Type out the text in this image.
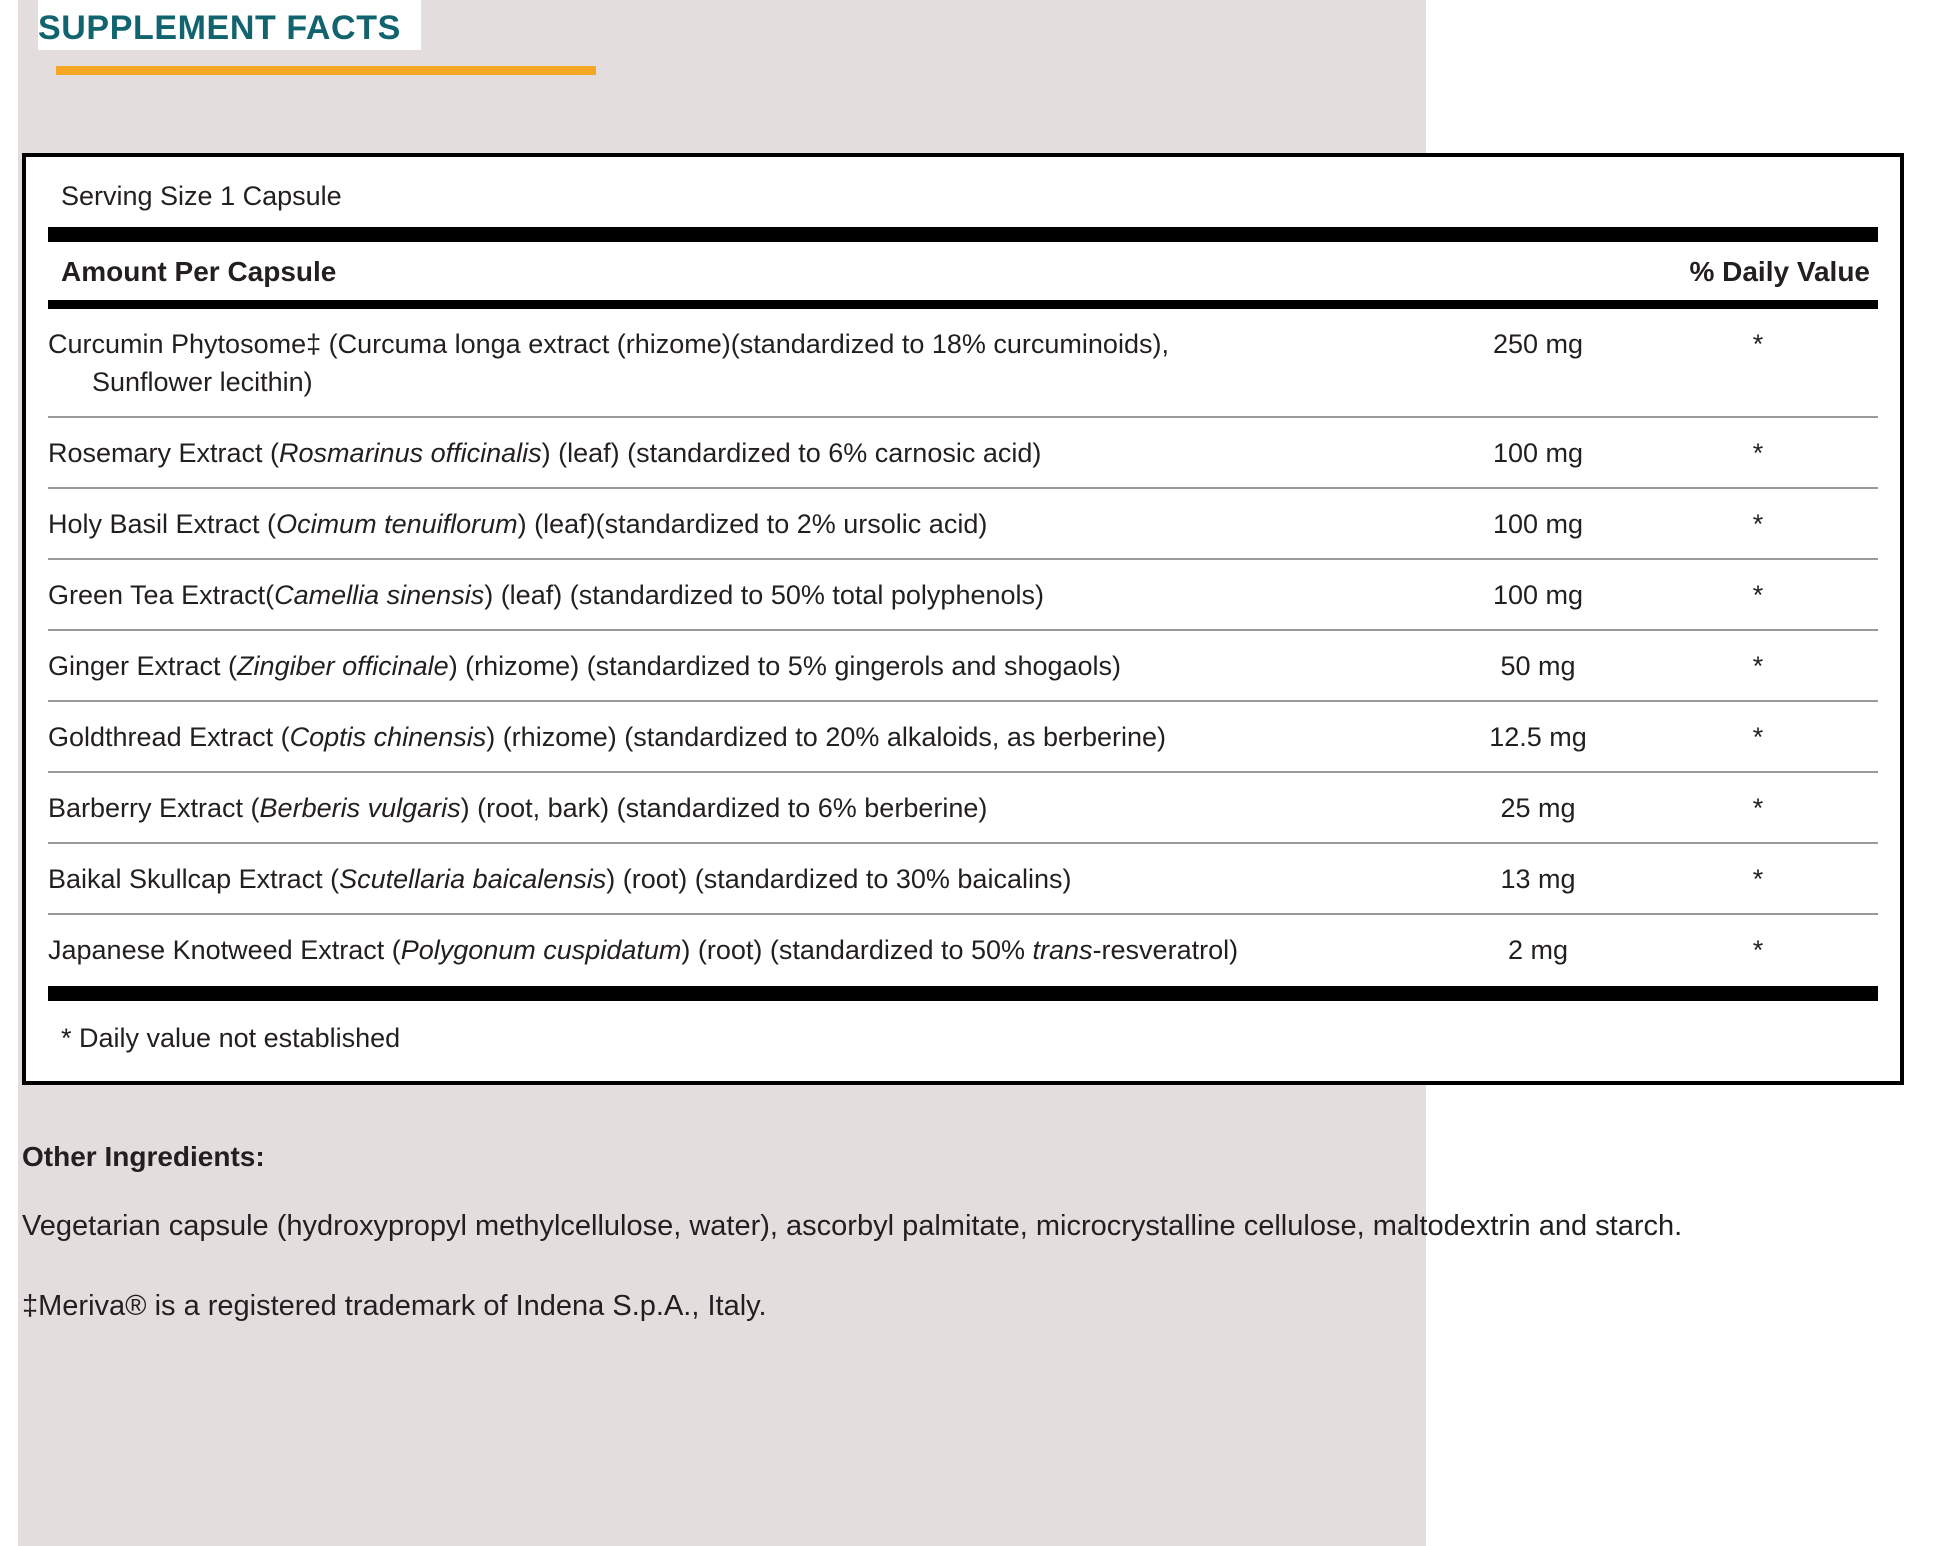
SUPPLEMENT FACTS
Serving Size 1 Capsule
Amount Per Capsule	% Daily Value
Curcumin Phytosome‡ (Curcuma longa extract (rhizome)(standardized to 18% curcuminoids),
Sunflower lecithin)	250 mg	*
Rosemary Extract (Rosmarinus officinalis) (leaf) (standardized to 6% carnosic acid)	100 mg	*
Holy Basil Extract (Ocimum tenuiflorum) (leaf)(standardized to 2% ursolic acid)	100 mg	*
Green Tea Extract(Camellia sinensis) (leaf) (standardized to 50% total polyphenols)	100 mg	*
Ginger Extract (Zingiber officinale) (rhizome) (standardized to 5% gingerols and shogaols)	50 mg	*
Goldthread Extract (Coptis chinensis) (rhizome) (standardized to 20% alkaloids, as berberine)	12.5 mg	*
Barberry Extract (Berberis vulgaris) (root, bark) (standardized to 6% berberine)	25 mg	*
Baikal Skullcap Extract (Scutellaria baicalensis) (root) (standardized to 30% baicalins)	13 mg	*
Japanese Knotweed Extract (Polygonum cuspidatum) (root) (standardized to 50% trans-resveratrol)	2 mg	*
* Daily value not established
Other Ingredients:
Vegetarian capsule (hydroxypropyl methylcellulose, water), ascorbyl palmitate, microcrystalline cellulose, maltodextrin and starch.
‡Meriva® is a registered trademark of Indena S.p.A., Italy.
